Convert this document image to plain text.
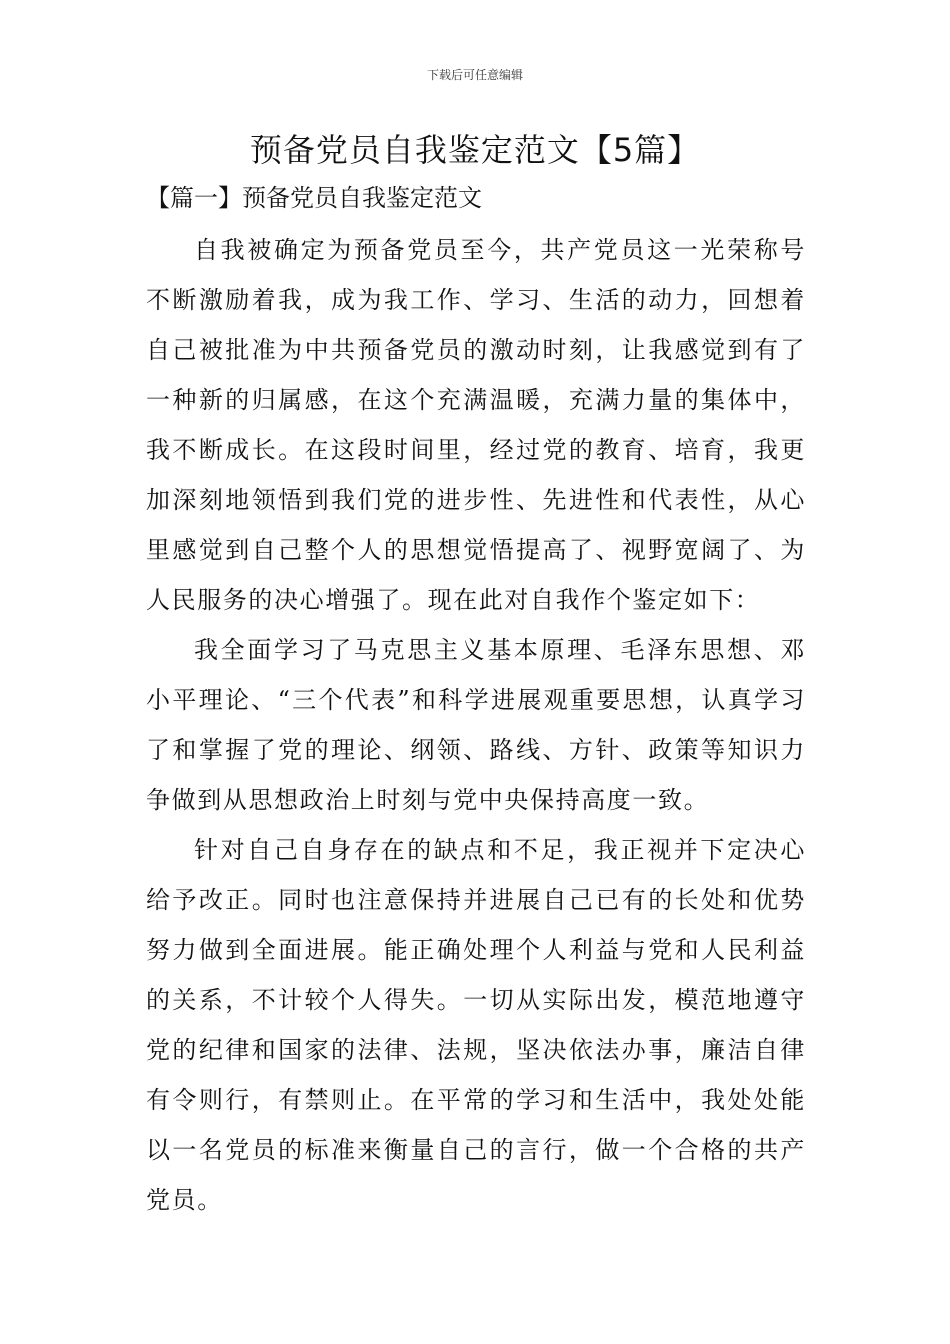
下载后可任意编辑
预备党员自我鉴定范文【5篇】
【篇一】预备党员自我鉴定范文

自我被确定为预备党员至今，共产党员这一光荣称号不断激励着我，成为我工作、学习、生活的动力，回想着自己被批准为中共预备党员的激动时刻，让我感觉到有了一种新的归属感，在这个充满温暖，充满力量的集体中，我不断成长。在这段时间里，经过党的教育、培育，我更加深刻地领悟到我们党的进步性、先进性和代表性，从心里感觉到自己整个人的思想觉悟提高了、视野宽阔了、为人民服务的决心增强了。现在此对自我作个鉴定如下：

我全面学习了马克思主义基本原理、毛泽东思想、邓小平理论、“三个代表”和科学进展观重要思想，认真学习了和掌握了党的理论、纲领、路线、方针、政策等知识力争做到从思想政治上时刻与党中央保持高度一致。

针对自己自身存在的缺点和不足，我正视并下定决心给予改正。同时也注意保持并进展自己已有的长处和优势努力做到全面进展。能正确处理个人利益与党和人民利益的关系，不计较个人得失。一切从实际出发，模范地遵守党的纪律和国家的法律、法规，坚决依法办事，廉洁自律有令则行，有禁则止。在平常的学习和生活中，我处处能以一名党员的标准来衡量自己的言行，做一个合格的共产党员。
